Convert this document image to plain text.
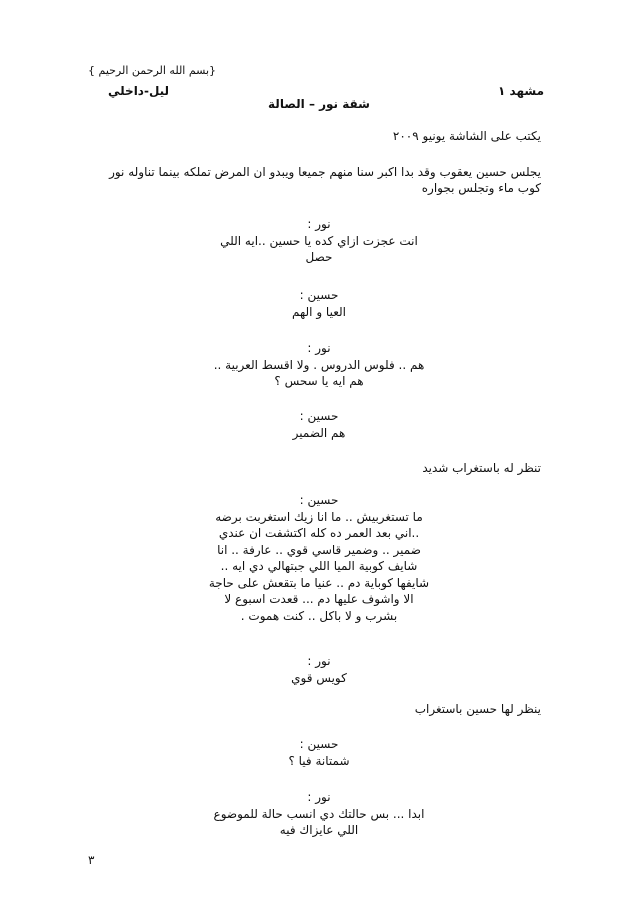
{بسم الله الرحمن الرحيم }
مشهد ١
ليل-داخلي
شقة نور – الصالة
يكتب على الشاشة يونيو ٢٠٠٩
يجلس حسين يعقوب وقد بدا اكبر سنا منهم جميعا ويبدو ان المرض تملكه بينما تناوله نور كوب ماء وتجلس بجواره
نور :
انت عجزت ازاي كده يا حسين ..ايه اللي
حصل
حسين :
العيا و الهم
نور :
هم .. فلوس الدروس . ولا اقسط العربية ..
هم ايه يا سحس ؟
حسين :
هم الضمير
تنظر له باستغراب شديد
حسين :
ما تستغربيش .. ما انا زيك استغربت برضه
..اني بعد العمر ده كله اكتشفت ان عندي
ضمير .. وضمير قاسي قوي .. عارفة .. انا
شايف كوبية الميا اللي جبتهالي دي ايه ..
شايفها كوباية دم .. عنيا ما بتقعش على حاجة
الا واشوف عليها دم ... قعدت اسبوع لا
بشرب و لا باكل .. كنت هموت .
نور :
كويس قوي
ينظر لها حسين باستغراب
حسين :
شمتانة فيا ؟
نور :
ابدا ... بس حالتك دي انسب حالة للموضوع
اللي عايزاك فيه
٣
